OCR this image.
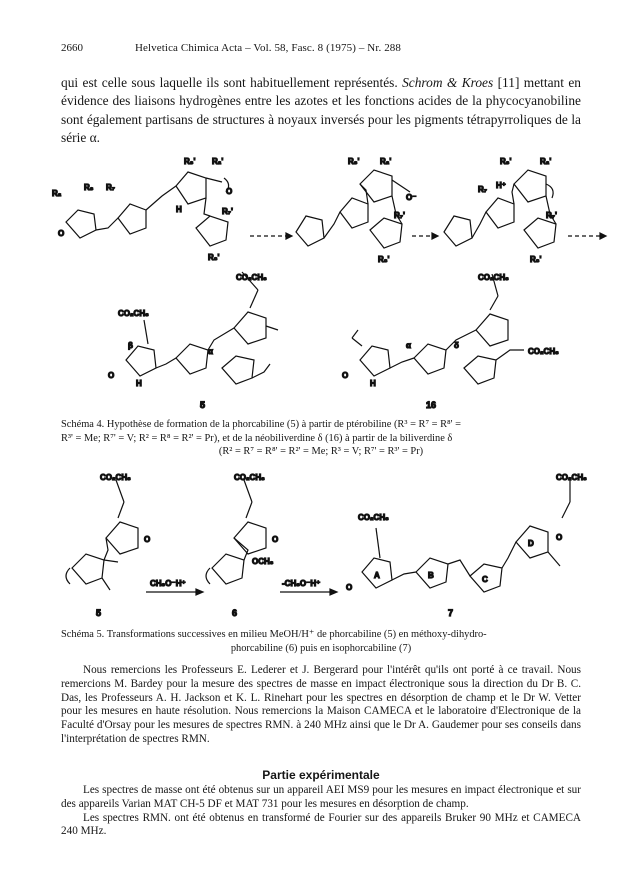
2660	Helvetica Chimica Acta – Vol. 58, Fasc. 8 (1975) – Nr. 288
qui est celle sous laquelle ils sont habituellement représentés. Schrom & Kroes [11] mettant en évidence des liaisons hydrogènes entre les azotes et les fonctions acides de la phycocyanobiline sont également partisans de structures à noyaux inversés pour les pigments tétrapyrroliques de la série α.
R₂
R₃ R₇
R₃' R₂'
R₇'
R₈'
H
O
O
R₃'	R₂'
O⁻
R₇'
R₈'
R₃'	R₂'
R₇ H⁺
R₇'
R₈'
CO₂CH₃
CO₂CH₃
β
α
O
H
5
CO₂CH₃
CO₂CH₃
O
H
α	δ
16
Schéma 4. Hypothèse de formation de la phorcabiline (5) à partir de ptérobiline (R³ = R⁷ = R⁸' =
R³' = Me; R⁷' = V; R² = R⁸ = R²' = Pr), et de la néobiliverdine δ (16) à partir de la biliverdine δ
(R² = R⁷ = R⁸' = R²' = Me; R³ = V; R⁷' = R³' = Pr)
CO₂CH₃
O
5
CH₃O⁻H⁺
CO₂CH₃
O
OCH₃
6
-CH₃O⁻H⁺
CO₂CH₃
CO₂CH₃
O
O
A	B	C
D
7
Schéma 5. Transformations successives en milieu MeOH/H⁺ de phorcabiline (5) en méthoxy-dihydro-
phorcabiline (6) puis en isophorcabiline (7)

Nous remercions les Professeurs E. Lederer et J. Bergerard pour l'intérêt qu'ils ont porté à ce travail. Nous remercions M. Bardey pour la mesure des spectres de masse en impact électronique sous la direction du Dr B. C. Das, les Professeurs A. H. Jackson et K. L. Rinehart pour les spectres en désorption de champ et le Dr W. Vetter pour les mesures en haute résolution. Nous remercions la Maison CAMECA et le laboratoire d'Electronique de la Faculté d'Orsay pour les mesures de spectres RMN. à 240 MHz ainsi que le Dr A. Gaudemer pour ses conseils dans l'interprétation de spectres RMN.

Partie expérimentale

Les spectres de masse ont été obtenus sur un appareil AEI MS9 pour les mesures en impact électronique et sur des appareils Varian MAT CH-5 DF et MAT 731 pour les mesures en désorption de champ.

Les spectres RMN. ont été obtenus en transformé de Fourier sur des appareils Bruker 90 MHz et CAMECA 240 MHz.
